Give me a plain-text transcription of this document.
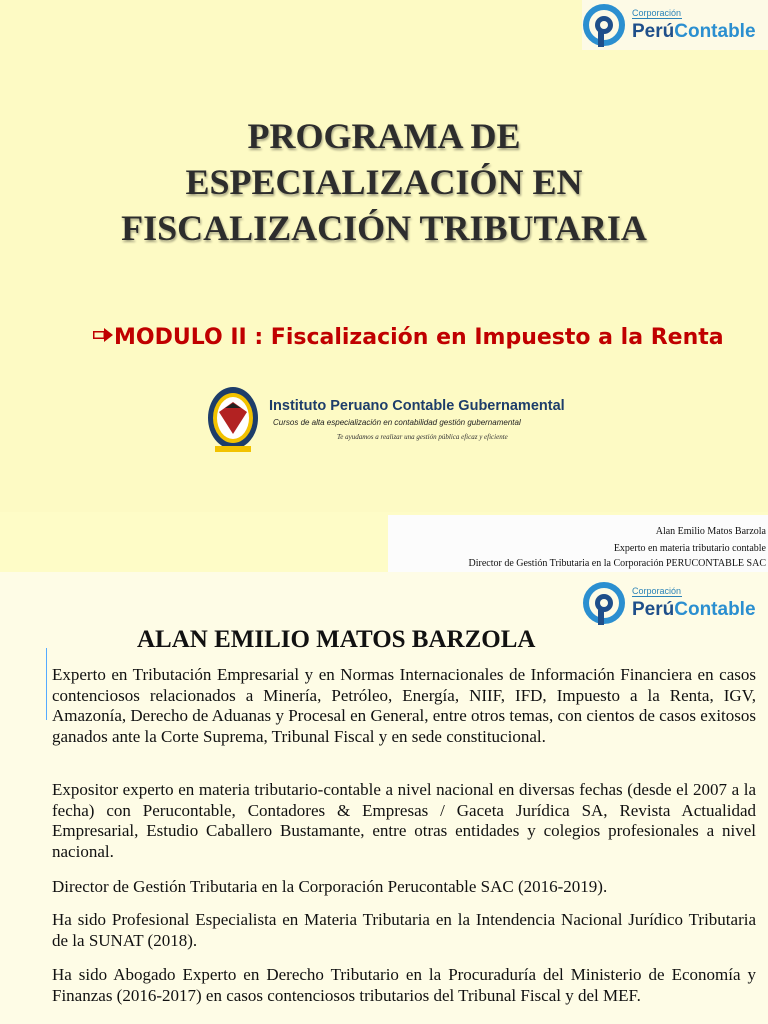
Corporación
PerúContable
PROGRAMA DE
ESPECIALIZACIÓN EN
FISCALIZACIÓN TRIBUTARIA
MODULO II : Fiscalización en Impuesto a la Renta
Instituto Peruano Contable Gubernamental
Cursos de alta especialización en contabilidad gestión gubernamental
Te ayudamos a realizar una gestión pública eficaz y eficiente
Alan Emilio Matos Barzola
Experto en materia tributario contable
Director de Gestión Tributaria en la Corporación PERUCONTABLE SAC
Corporación
PerúContable
ALAN EMILIO MATOS BARZOLA
Experto en Tributación Empresarial y en Normas Internacionales de Información Financiera en casos contenciosos relacionados a Minería, Petróleo, Energía, NIIF, IFD, Impuesto a la Renta, IGV, Amazonía, Derecho de Aduanas y Procesal en General, entre otros temas, con cientos de casos exitosos ganados ante la Corte Suprema, Tribunal Fiscal y en sede constitucional.
Expositor experto en materia tributario-contable a nivel nacional en diversas fechas (desde el 2007 a la fecha) con Perucontable, Contadores & Empresas / Gaceta Jurídica SA, Revista Actualidad Empresarial, Estudio Caballero Bustamante, entre otras entidades y colegios profesionales a nivel nacional.
Director de Gestión Tributaria en la Corporación Perucontable SAC (2016-2019).
Ha sido Profesional Especialista en Materia Tributaria en la Intendencia Nacional Jurídico Tributaria de la SUNAT (2018).
Ha sido Abogado Experto en Derecho Tributario en la Procuraduría del Ministerio de Economía y Finanzas (2016-2017) en casos contenciosos tributarios del Tribunal Fiscal y del MEF.
